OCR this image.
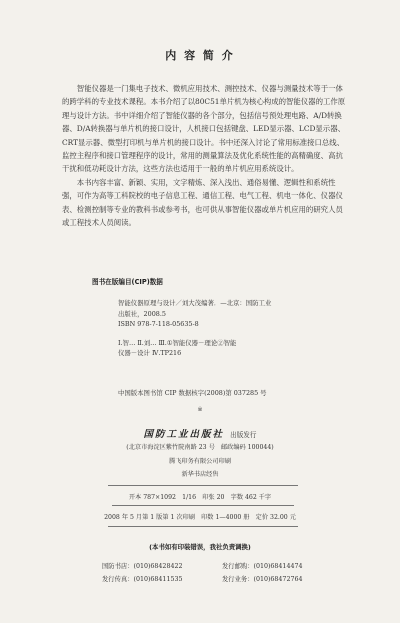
内 容 简 介

智能仪器是一门集电子技术、微机应用技术、测控技术、仪器与测量技术等于一体的跨学科的专业技术课程。本书介绍了以80C51单片机为核心构成的智能仪器的工作原理与设计方法。书中详细介绍了智能仪器的各个部分，包括信号预处理电路、A/D转换器、D/A转换器与单片机的接口设计，人机接口包括键盘、LED显示器、LCD显示器、CRT显示器、微型打印机与单片机的接口设计。书中还深入讨论了常用标准接口总线、监控主程序和接口管理程序的设计，常用的测量算法及优化系统性能的高精确度、高抗干扰和低功耗设计方法，这些方法也适用于一般的单片机应用系统设计。

本书内容丰富、新颖、实用，文字精炼、深入浅出、通俗易懂、逻辑性和系统性强，可作为高等工科院校的电子信息工程、通信工程、电气工程、机电一体化、仪器仪表、检测控制等专业的教科书或参考书，也可供从事智能仪器或单片机应用的研究人员或工程技术人员阅读。

图书在版编目(CIP)数据
智能仪器原理与设计／刘大茂编著．—北京：国防工业
出版社，2008.5
ISBN 978-7-118-05635-8
Ⅰ.智… Ⅱ.刘… Ⅲ.①智能仪器－理论②智能
仪器－设计 Ⅳ.TP216
中国版本图书馆 CIP 数据核字(2008)第 037285 号
※
国防工业出版社 出版发行
(北京市海淀区紫竹院南路 23 号　邮政编码 100044)
腾飞印务有限公司印刷
新华书店经售
开本 787×1092　1/16　印张 20　字数 462 千字
2008 年 5 月第 1 版第 1 次印刷　印数 1—4000 册　定价 32.00 元
(本书如有印装错误，我社负责调换)
国防书店：(010)68428422	发行邮购：(010)68414474
发行传真：(010)68411535	发行业务：(010)68472764
